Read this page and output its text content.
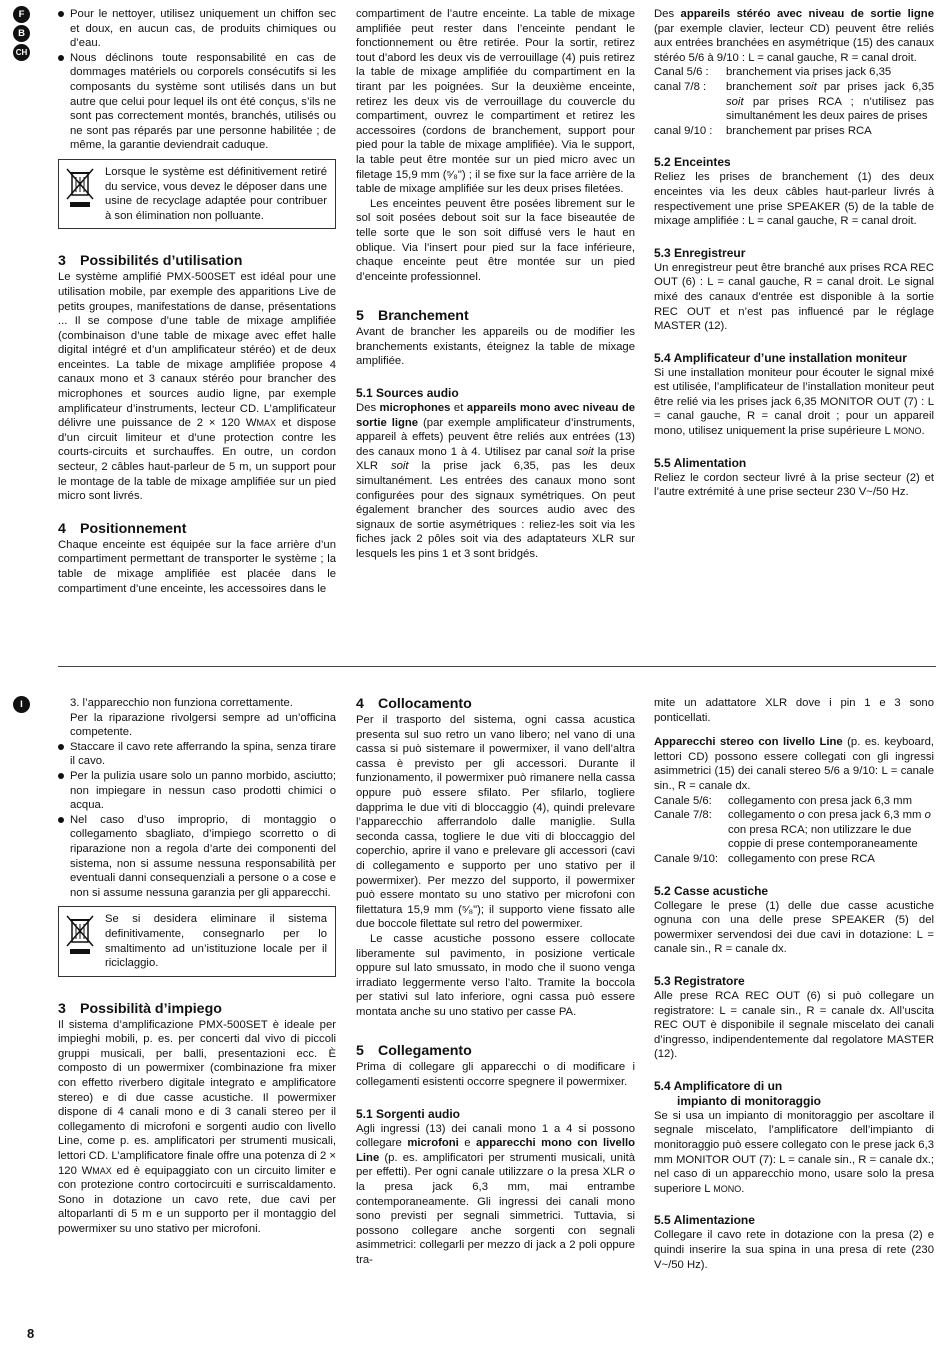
F
B
CH
I
Pour le nettoyer, utilisez uniquement un chiffon sec et doux, en aucun cas, de produits chimiques ou d’eau.
Nous déclinons toute responsabilité en cas de dommages matériels ou corporels consécutifs si les composants du système sont utilisés dans un but autre que celui pour lequel ils ont été conçus, s’ils ne sont pas correctement montés, branchés, utilisés ou ne sont pas réparés par une personne habilitée ; de même, la garantie deviendrait caduque.
Lorsque le système est définitivement retiré du service, vous devez le déposer dans une usine de recyclage adaptée pour contribuer à son élimination non polluante.
3 Possibilités d’utilisation

Le système amplifié PMX-500SET est idéal pour une utilisation mobile, par exemple des apparitions Live de petits groupes, manifestations de danse, présentations ... Il se compose d’une table de mixage amplifiée (combinaison d’une table de mixage avec effet halle digital intégré et d’un amplificateur stéréo) et de deux enceintes. La table de mixage amplifiée propose 4 canaux mono et 3 canaux stéréo pour brancher des microphones et sources audio ligne, par exemple amplificateur d’instruments, lecteur CD. L’amplificateur délivre une puissance de 2 × 120 WMAX et dispose d’un circuit limiteur et d’une protection contre les courts-circuits et surchauffes. En outre, un cordon secteur, 2 câbles haut-parleur de 5 m, un support pour le montage de la table de mixage amplifiée sur un pied micro sont livrés.

4 Positionnement

Chaque enceinte est équipée sur la face arrière d’un compartiment permettant de transporter le système ; la table de mixage amplifiée est placée dans le compartiment d’une enceinte, les accessoires dans le

compartiment de l’autre enceinte. La table de mixage amplifiée peut rester dans l’enceinte pendant le fonctionnement ou être retirée. Pour la sortir, retirez tout d’abord les deux vis de verrouillage (4) puis retirez la table de mixage amplifiée du compartiment en la tirant par les poignées. Sur la deuxième enceinte, retirez les deux vis de verrouillage du couvercle du compartiment, ouvrez le compartiment et retirez les accessoires (cordons de branchement, support pour pied pour la table de mixage amplifiée). Via le support, la table peut être montée sur un pied micro avec un filetage 15,9 mm (⁵⁄₈") ; il se fixe sur la face arrière de la table de mixage amplifiée sur les deux prises filetées.

Les enceintes peuvent être posées librement sur le sol soit posées debout soit sur la face biseautée de telle sorte que le son soit diffusé vers le haut en oblique. Via l’insert pour pied sur la face inférieure, chaque enceinte peut être montée sur un pied d’enceinte professionnel.

5 Branchement

Avant de brancher les appareils ou de modifier les branchements existants, éteignez la table de mixage amplifiée.

5.1 Sources audio

Des microphones et appareils mono avec niveau de sortie ligne (par exemple amplificateur d’instruments, appareil à effets) peuvent être reliés aux entrées (13) des canaux mono 1 à 4. Utilisez par canal soit la prise XLR soit la prise jack 6,35, pas les deux simultanément. Les entrées des canaux mono sont configurées pour des signaux symétriques. On peut également brancher des sources audio avec des signaux de sortie asymétriques : reliez-les soit via les fiches jack 2 pôles soit via des adaptateurs XLR sur lesquels les pins 1 et 3 sont bridgés.

Des appareils stéréo avec niveau de sortie ligne (par exemple clavier, lecteur CD) peuvent être reliés aux entrées branchées en asymétrique (15) des canaux stéréo 5/6 à 9/10 : L = canal gauche, R = canal droit.

Canal 5/6 :	branchement via prises jack 6,35
canal 7/8 :	branchement soit par prises jack 6,35 soit par prises RCA ; n’utilisez pas simultanément les deux paires de prises
canal 9/10 :	branchement par prises RCA
5.2 Enceintes

Reliez les prises de branchement (1) des deux enceintes via les deux câbles haut-parleur livrés à respectivement une prise SPEAKER (5) de la table de mixage amplifiée : L = canal gauche, R = canal droit.

5.3 Enregistreur

Un enregistreur peut être branché aux prises RCA REC OUT (6) : L = canal gauche, R = canal droit. Le signal mixé des canaux d’entrée est disponible à la sortie REC OUT et n’est pas influencé par le réglage MASTER (12).

5.4 Amplificateur d’une installation moniteur

Si une installation moniteur pour écouter le signal mixé est utilisée, l’amplificateur de l’installation moniteur peut être relié via les prises jack 6,35 MONITOR OUT (7) : L = canal gauche, R = canal droit ; pour un appareil mono, utilisez uniquement la prise supérieure L MONO.

5.5 Alimentation

Reliez le cordon secteur livré à la prise secteur (2) et l’autre extrémité à une prise secteur 230 V~/50 Hz.

3. l’apparecchio non funziona correttamente.
Per la riparazione rivolgersi sempre ad un’officina competente.
Staccare il cavo rete afferrando la spina, senza tirare il cavo.
Per la pulizia usare solo un panno morbido, asciutto; non impiegare in nessun caso prodotti chimici o acqua.
Nel caso d’uso improprio, di montaggio o collegamento sbagliato, d’impiego scorretto o di riparazione non a regola d’arte dei componenti del sistema, non si assume nessuna responsabilità per eventuali danni consequenziali a persone o a cose e non si assume nessuna garanzia per gli apparecchi.
Se si desidera eliminare il sistema definitivamente, consegnarlo per lo smaltimento ad un’istituzione locale per il riciclaggio.
3 Possibilità d’impiego

Il sistema d’amplificazione PMX-500SET è ideale per impieghi mobili, p. es. per concerti dal vivo di piccoli gruppi musicali, per balli, presentazioni ecc. È composto di un powermixer (combinazione fra mixer con effetto riverbero digitale integrato e amplificatore stereo) e di due casse acustiche. Il powermixer dispone di 4 canali mono e di 3 canali stereo per il collegamento di microfoni e sorgenti audio con livello Line, come p. es. amplificatori per strumenti musicali, lettori CD. L’amplificatore finale offre una potenza di 2 × 120 WMAX ed è equipaggiato con un circuito limiter e con protezione contro cortocircuiti e surriscaldamento. Sono in dotazione un cavo rete, due cavi per altoparlanti di 5 m e un supporto per il montaggio del powermixer su uno stativo per microfoni.

4 Collocamento

Per il trasporto del sistema, ogni cassa acustica presenta sul suo retro un vano libero; nel vano di una cassa si può sistemare il powermixer, il vano dell’altra cassa è previsto per gli accessori. Durante il funzionamento, il powermixer può rimanere nella cassa oppure può essere sfilato. Per sfilarlo, togliere dapprima le due viti di bloccaggio (4), quindi prelevare l’apparecchio afferrandolo dalle maniglie. Sulla seconda cassa, togliere le due viti di bloccaggio del coperchio, aprire il vano e prelevare gli accessori (cavi di collegamento e supporto per uno stativo per il powermixer). Per mezzo del supporto, il powermixer può essere montato su uno stativo per microfoni con filettatura 15,9 mm (⁵⁄₈"); il supporto viene fissato alle due boccole filettate sul retro del powermixer.

Le casse acustiche possono essere collocate liberamente sul pavimento, in posizione verticale oppure sul lato smussato, in modo che il suono venga irradiato leggermente verso l’alto. Tramite la boccola per stativi sul lato inferiore, ogni cassa può essere montata anche su uno stativo per casse PA.

5 Collegamento

Prima di collegare gli apparecchi o di modificare i collegamenti esistenti occorre spegnere il powermixer.

5.1 Sorgenti audio

Agli ingressi (13) dei canali mono 1 a 4 si possono collegare microfoni e apparecchi mono con livello Line (p. es. amplificatori per strumenti musicali, unità per effetti). Per ogni canale utilizzare o la presa XLR o la presa jack 6,3 mm, mai entrambe contemporaneamente. Gli ingressi dei canali mono sono previsti per segnali simmetrici. Tuttavia, si possono collegare anche sorgenti con segnali asimmetrici: collegarli per mezzo di jack a 2 poli oppure tra-

mite un adattatore XLR dove i pin 1 e 3 sono ponticellati.

Apparecchi stereo con livello Line (p. es. keyboard, lettori CD) possono essere collegati con gli ingressi asimmetrici (15) dei canali stereo 5/6 a 9/10: L = canale sin., R = canale dx.

Canale 5/6:	collegamento con presa jack 6,3 mm
Canale 7/8:	collegamento o con presa jack 6,3 mm o con presa RCA; non utilizzare le due coppie di prese contemporaneamente
Canale 9/10: collegamento con prese RCA
5.2 Casse acustiche

Collegare le prese (1) delle due casse acustiche ognuna con una delle prese SPEAKER (5) del powermixer servendosi dei due cavi in dotazione: L = canale sin., R = canale dx.

5.3 Registratore

Alle prese RCA REC OUT (6) si può collegare un registratore: L = canale sin., R = canale dx. All’uscita REC OUT è disponibile il segnale miscelato dei canali d’ingresso, indipendentemente dal regolatore MASTER (12).

5.4 Amplificatore di un
impianto di monitoraggio

Se si usa un impianto di monitoraggio per ascoltare il segnale miscelato, l’amplificatore dell’impianto di monitoraggio può essere collegato con le prese jack 6,3 mm MONITOR OUT (7): L = canale sin., R = canale dx.; nel caso di un apparecchio mono, usare solo la presa superiore L MONO.

5.5 Alimentazione

Collegare il cavo rete in dotazione con la presa (2) e quindi inserire la sua spina in una presa di rete (230 V~/50 Hz).

8
